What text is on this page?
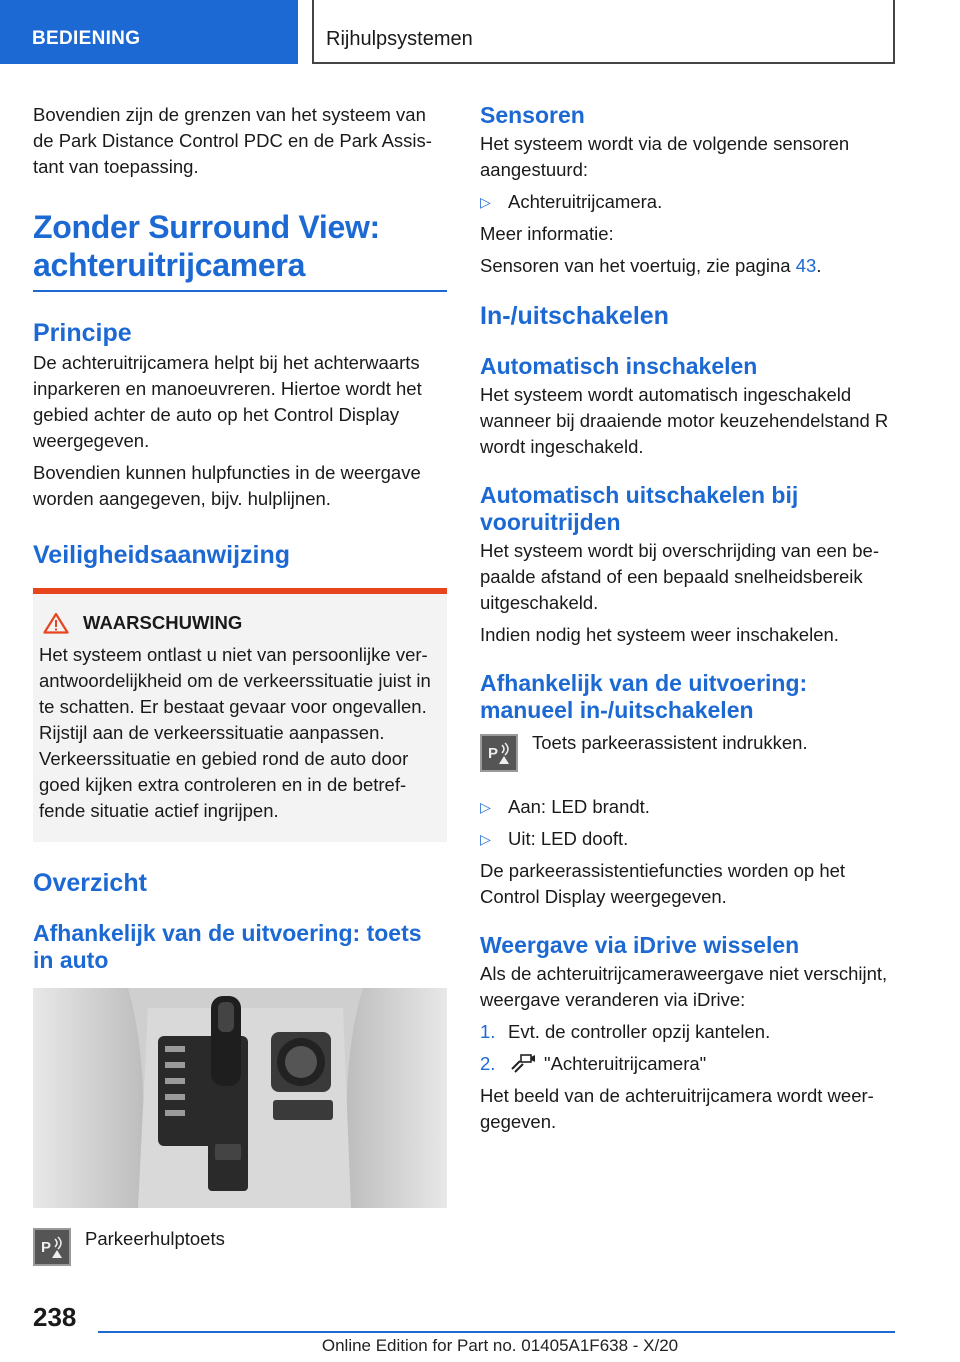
BEDIENING	Rijhulpsystemen

Bovendien zijn de grenzen van het systeem van de Park Distance Control PDC en de Park Assistant van toepassing.

Zonder Surround View: achteruitrijcamera
Principe

De achteruitrijcamera helpt bij het achterwaarts inparkeren en manoeuvreren. Hiertoe wordt het gebied achter de auto op het Control Display weergegeven.

Bovendien kunnen hulpfuncties in de weergave worden aangegeven, bijv. hulplijnen.

Veiligheidsaanwijzing
WAARSCHUWING

Het systeem ontlast u niet van persoonlijke verantwoordelijkheid om de verkeerssituatie juist in te schatten. Er bestaat gevaar voor ongevallen. Rijstijl aan de verkeerssituatie aanpassen.

Verkeerssituatie en gebied rond de auto door goed kijken extra controleren en in de betreffende situatie actief ingrijpen.

Overzicht
Afhankelijk van de uitvoering: toets in auto
P Parkeerhulptoets
Sensoren

Het systeem wordt via de volgende sensoren aangestuurd:

▷ Achteruitrijcamera.

Meer informatie:

Sensoren van het voertuig, zie pagina 43.

In-/uitschakelen
Automatisch inschakelen

Het systeem wordt automatisch ingeschakeld wanneer bij draaiende motor keuzehendelstand R wordt ingeschakeld.

Automatisch uitschakelen bij vooruitrijden

Het systeem wordt bij overschrijding van een bepaalde afstand of een bepaald snelheidsbereik uitgeschakeld.

Indien nodig het systeem weer inschakelen.

Afhankelijk van de uitvoering: manueel in-/uitschakelen
P
Toets parkeerassistent indrukken.
▷ Aan: LED brandt.
▷ Uit: LED dooft.

De parkeerassistentiefuncties worden op het Control Display weergegeven.

Weergave via iDrive wisselen

Als de achteruitrijcameraweergave niet verschijnt, weergave veranderen via iDrive:

1. Evt. de controller opzij kantelen.
2.	"Achteruitrijcamera"

Het beeld van de achteruitrijcamera wordt weergegeven.

238
Online Edition for Part no. 01405A1F638 - X/20
